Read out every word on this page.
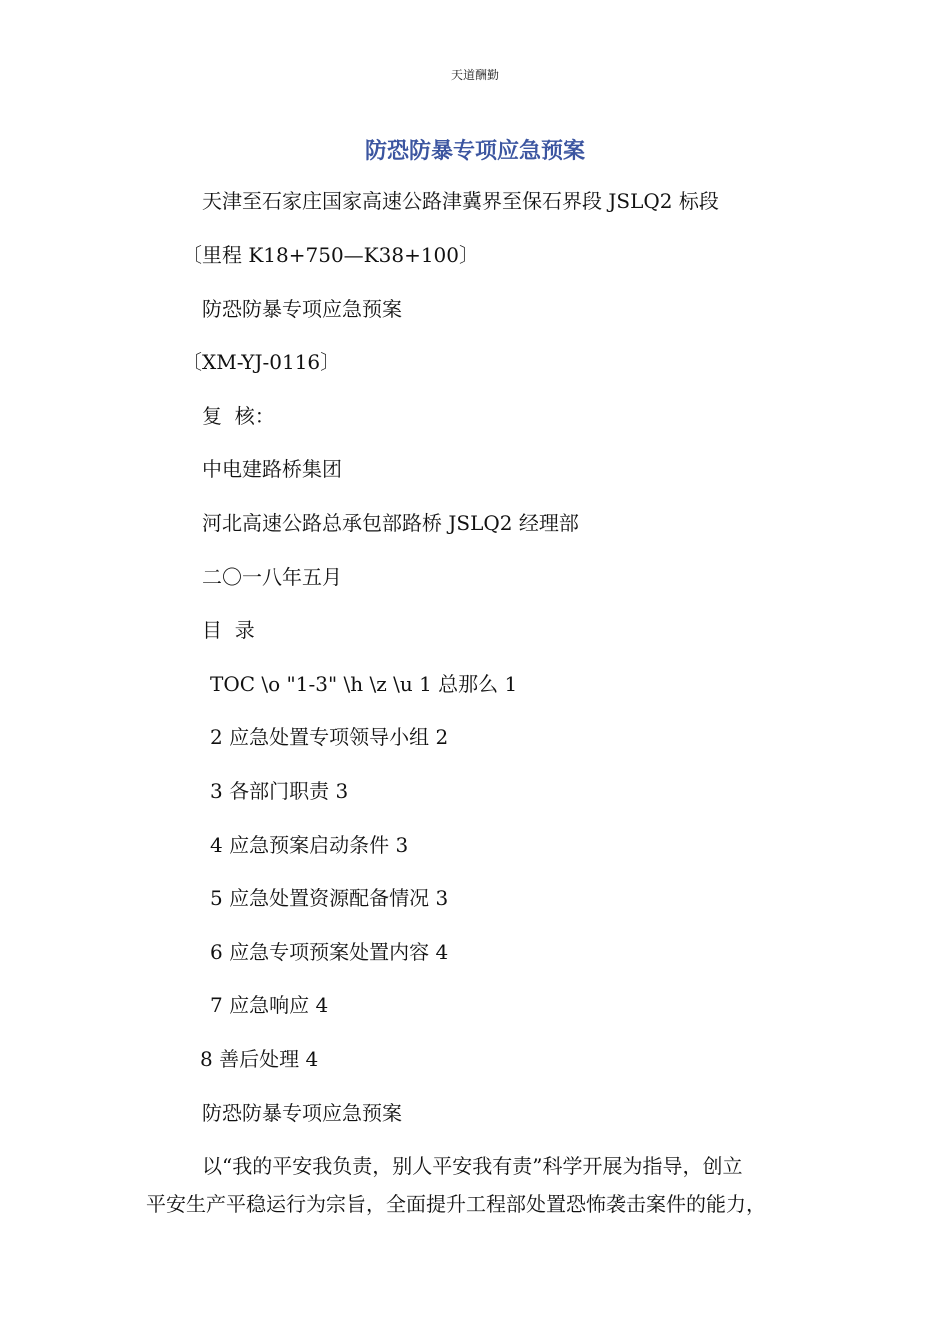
天道酬勤
防恐防暴专项应急预案
天津至石家庄国家高速公路津冀界至保石界段 JSLQ2 标段
〔里程 K18+750—K38+100〕
防恐防暴专项应急预案
〔XM-YJ-0116〕
复  核：
中电建路桥集团
河北高速公路总承包部路桥 JSLQ2 经理部
二〇一八年五月
目  录
TOC \o "1-3" \h \z \u 1 总那么 1
2 应急处置专项领导小组 2
3 各部门职责 3
4 应急预案启动条件 3
5 应急处置资源配备情况 3
6 应急专项预案处置内容 4
7 应急响应 4
8 善后处理 4
防恐防暴专项应急预案
以“我的平安我负责，别人平安我有责”科学开展为指导，创立
平安生产平稳运行为宗旨，全面提升工程部处置恐怖袭击案件的能力，
